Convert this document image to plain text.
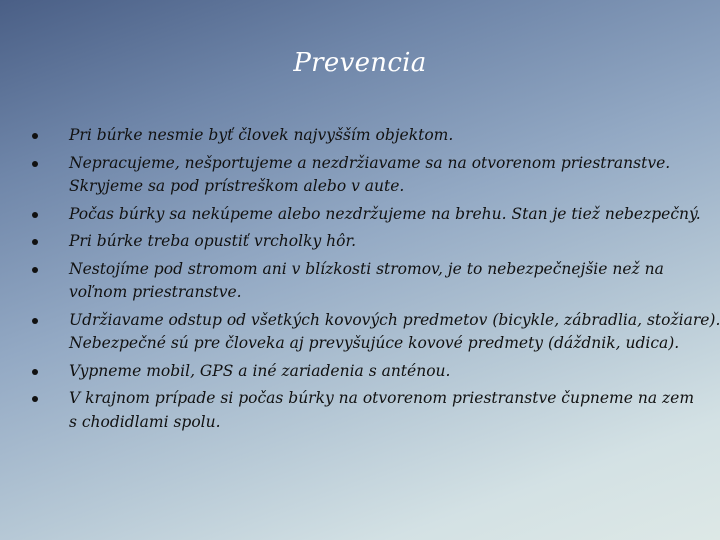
Prevencia
Pri búrke nesmie byť človek najvyšším objektom.
Nepracujeme, nešportujeme a nezdržiavame sa na otvorenom priestranstve.
Skryjeme sa pod prístreškom alebo v aute.
Počas búrky sa nekúpeme alebo nezdržujeme na brehu. Stan je tiež nebezpečný.
Pri búrke treba opustiť vrcholky hôr.
Nestojíme pod stromom ani v blízkosti stromov, je to nebezpečnejšie než na
voľnom priestranstve.
Udržiavame odstup od všetkých kovových predmetov (bicykle, zábradlia, stožiare).
Nebezpečné sú pre človeka aj prevyšujúce kovové predmety (dáždnik, udica).
Vypneme mobil, GPS a iné zariadenia s anténou.
V krajnom prípade si počas búrky na otvorenom priestranstve čupneme na zem
s chodidlami spolu.
